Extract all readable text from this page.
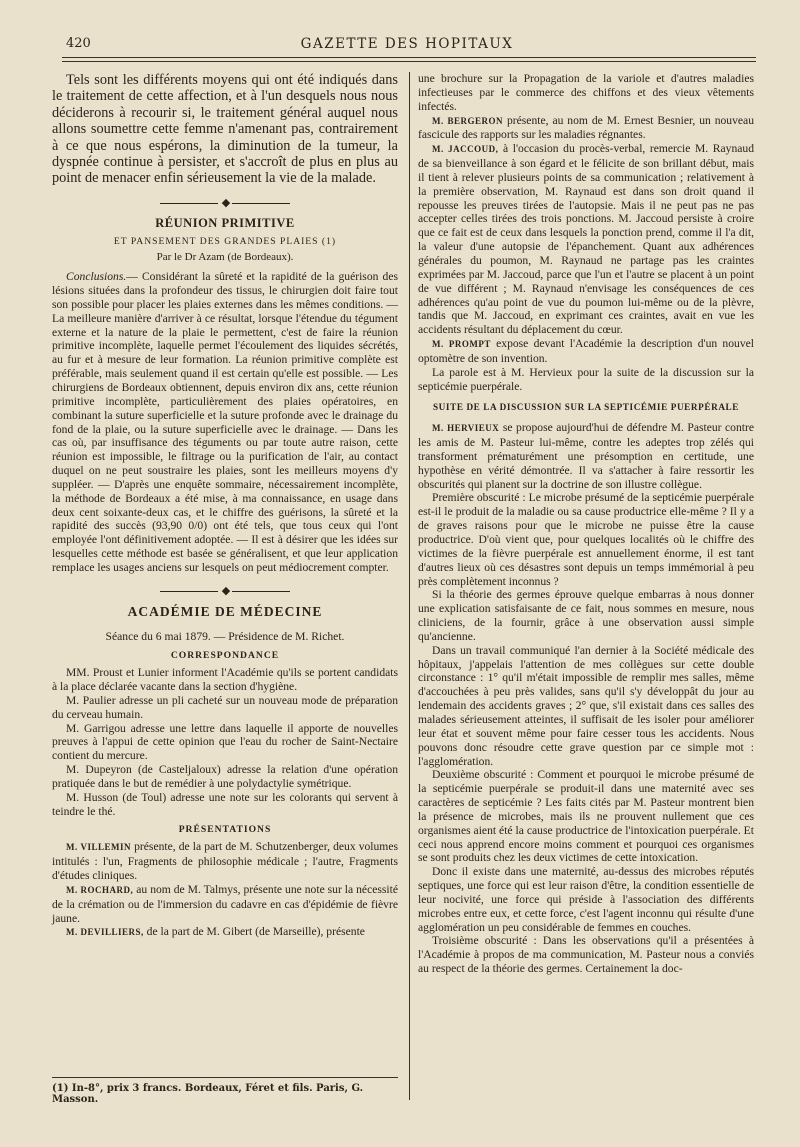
420	GAZETTE DES HOPITAUX

Tels sont les différents moyens qui ont été indiqués dans le traitement de cette affection, et à l'un desquels nous nous déciderons à recourir si, le traitement général auquel nous allons soumettre cette femme n'amenant pas, contrairement à ce que nous espérons, la diminution de la tumeur, la dyspnée continue à persister, et s'accroît de plus en plus au point de menacer enfin sérieusement la vie de la malade.

◆
RÉUNION PRIMITIVE
ET PANSEMENT DES GRANDES PLAIES (1)
Par le Dr Azam (de Bordeaux).

Conclusions.— Considérant la sûreté et la rapidité de la guérison des lésions situées dans la profondeur des tissus, le chirurgien doit faire tout son possible pour placer les plaies externes dans les mêmes conditions. — La meilleure manière d'arriver à ce résultat, lorsque l'étendue du tégument externe et la nature de la plaie le permettent, c'est de faire la réunion primitive incomplète, laquelle permet l'écoulement des liquides sécrétés, au fur et à mesure de leur formation. La réunion primitive complète est préférable, mais seulement quand il est certain qu'elle est possible. — Les chirurgiens de Bordeaux obtiennent, depuis environ dix ans, cette réunion primitive incomplète, particulièrement des plaies opératoires, en combinant la suture superficielle et la suture profonde avec le drainage du fond de la plaie, ou la suture superficielle avec le drainage. — Dans les cas où, par insuffisance des téguments ou par toute autre raison, cette réunion est impossible, le filtrage ou la purification de l'air, au contact duquel on ne peut soustraire les plaies, sont les meilleurs moyens d'y suppléer. — D'après une enquête sommaire, nécessairement incomplète, la méthode de Bordeaux a été mise, à ma connaissance, en usage dans deux cent soixante-deux cas, et le chiffre des guérisons, la sûreté et la rapidité des succès (93,90 0/0) ont été tels, que tous ceux qui l'ont employée l'ont définitivement adoptée. — Il est à désirer que les idées sur lesquelles cette méthode est basée se généralisent, et que leur application remplace les usages anciens sur lesquels on peut médiocrement compter.

◆
ACADÉMIE DE MÉDECINE
Séance du 6 mai 1879. — Présidence de M. Richet.
CORRESPONDANCE

MM. Proust et Lunier informent l'Académie qu'ils se portent candidats à la place déclarée vacante dans la section d'hygiène.

M. Paulier adresse un pli cacheté sur un nouveau mode de préparation du cerveau humain.

M. Garrigou adresse une lettre dans laquelle il apporte de nouvelles preuves à l'appui de cette opinion que l'eau du rocher de Saint-Nectaire contient du mercure.

M. Dupeyron (de Casteljaloux) adresse la relation d'une opération pratiquée dans le but de remédier à une polydactylie symétrique.

M. Husson (de Toul) adresse une note sur les colorants qui servent à teindre le thé.

PRÉSENTATIONS

M. VILLEMIN présente, de la part de M. Schutzenberger, deux volumes intitulés : l'un, Fragments de philosophie médicale ; l'autre, Fragments d'études cliniques.

M. ROCHARD, au nom de M. Talmys, présente une note sur la nécessité de la crémation ou de l'immersion du cadavre en cas d'épidémie de fièvre jaune.

M. DEVILLIERS, de la part de M. Gibert (de Marseille), présente

(1) In-8°, prix 3 francs. Bordeaux, Féret et fils. Paris, G. Masson.

une brochure sur la Propagation de la variole et d'autres maladies infectieuses par le commerce des chiffons et des vieux vêtements infectés.

M. BERGERON présente, au nom de M. Ernest Besnier, un nouveau fascicule des rapports sur les maladies régnantes.

M. JACCOUD, à l'occasion du procès-verbal, remercie M. Raynaud de sa bienveillance à son égard et le félicite de son brillant début, mais il tient à relever plusieurs points de sa communication ; relativement à la première observation, M. Raynaud est dans son droit quand il repousse les preuves tirées de l'autopsie. Mais il ne peut pas ne pas accepter celles tirées des trois ponctions. M. Jaccoud persiste à croire que ce fait est de ceux dans lesquels la ponction prend, comme il l'a dit, la valeur d'une autopsie de l'épanchement. Quant aux adhérences générales du poumon, M. Raynaud ne partage pas les craintes exprimées par M. Jaccoud, parce que l'un et l'autre se placent à un point de vue différent ; M. Raynaud n'envisage les conséquences de ces adhérences qu'au point de vue du poumon lui-même ou de la plèvre, tandis que M. Jaccoud, en exprimant ces craintes, avait en vue les accidents résultant du déplacement du cœur.

M. PROMPT expose devant l'Académie la description d'un nouvel optomètre de son invention.

La parole est à M. Hervieux pour la suite de la discussion sur la septicémie puerpérale.

SUITE DE LA DISCUSSION SUR LA SEPTICÉMIE PUERPÉRALE

M. HERVIEUX se propose aujourd'hui de défendre M. Pasteur contre les amis de M. Pasteur lui-même, contre les adeptes trop zélés qui transforment prématurément une présomption en certitude, une hypothèse en vérité démontrée. Il va s'attacher à faire ressortir les obscurités qui planent sur la doctrine de son illustre collègue.

Première obscurité : Le microbe présumé de la septicémie puerpérale est-il le produit de la maladie ou sa cause productrice elle-même ? Il y a de graves raisons pour que le microbe ne puisse être la cause productrice. D'où vient que, pour quelques localités où le chiffre des victimes de la fièvre puerpérale est annuellement énorme, il est tant d'autres lieux où ces désastres sont depuis un temps immémorial à peu près complètement inconnus ?

Si la théorie des germes éprouve quelque embarras à nous donner une explication satisfaisante de ce fait, nous sommes en mesure, nous cliniciens, de la fournir, grâce à une observation aussi simple qu'ancienne.

Dans un travail communiqué l'an dernier à la Société médicale des hôpitaux, j'appelais l'attention de mes collègues sur cette double circonstance : 1° qu'il m'était impossible de remplir mes salles, même d'accouchées à peu près valides, sans qu'il s'y développât du jour au lendemain des accidents graves ; 2° que, s'il existait dans ces salles des malades sérieusement atteintes, il suffisait de les isoler pour améliorer leur état et souvent même pour faire cesser tous les accidents. Nous pouvons donc résoudre cette grave question par ce simple mot : l'agglomération.

Deuxième obscurité : Comment et pourquoi le microbe présumé de la septicémie puerpérale se produit-il dans une maternité avec ses caractères de septicémie ? Les faits cités par M. Pasteur montrent bien la présence de microbes, mais ils ne prouvent nullement que ces organismes aient été la cause productrice de l'intoxication puerpérale. Et ceci nous apprend encore moins comment et pourquoi ces organismes se sont produits chez les deux victimes de cette intoxication.

Donc il existe dans une maternité, au-dessus des microbes réputés septiques, une force qui est leur raison d'être, la condition essentielle de leur nocivité, une force qui préside à l'association des différents microbes entre eux, et cette force, c'est l'agent inconnu qui résulte d'une agglomération un peu considérable de femmes en couches.

Troisième obscurité : Dans les observations qu'il a présentées à l'Académie à propos de ma communication, M. Pasteur nous a conviés au respect de la théorie des germes. Certainement la doc-
